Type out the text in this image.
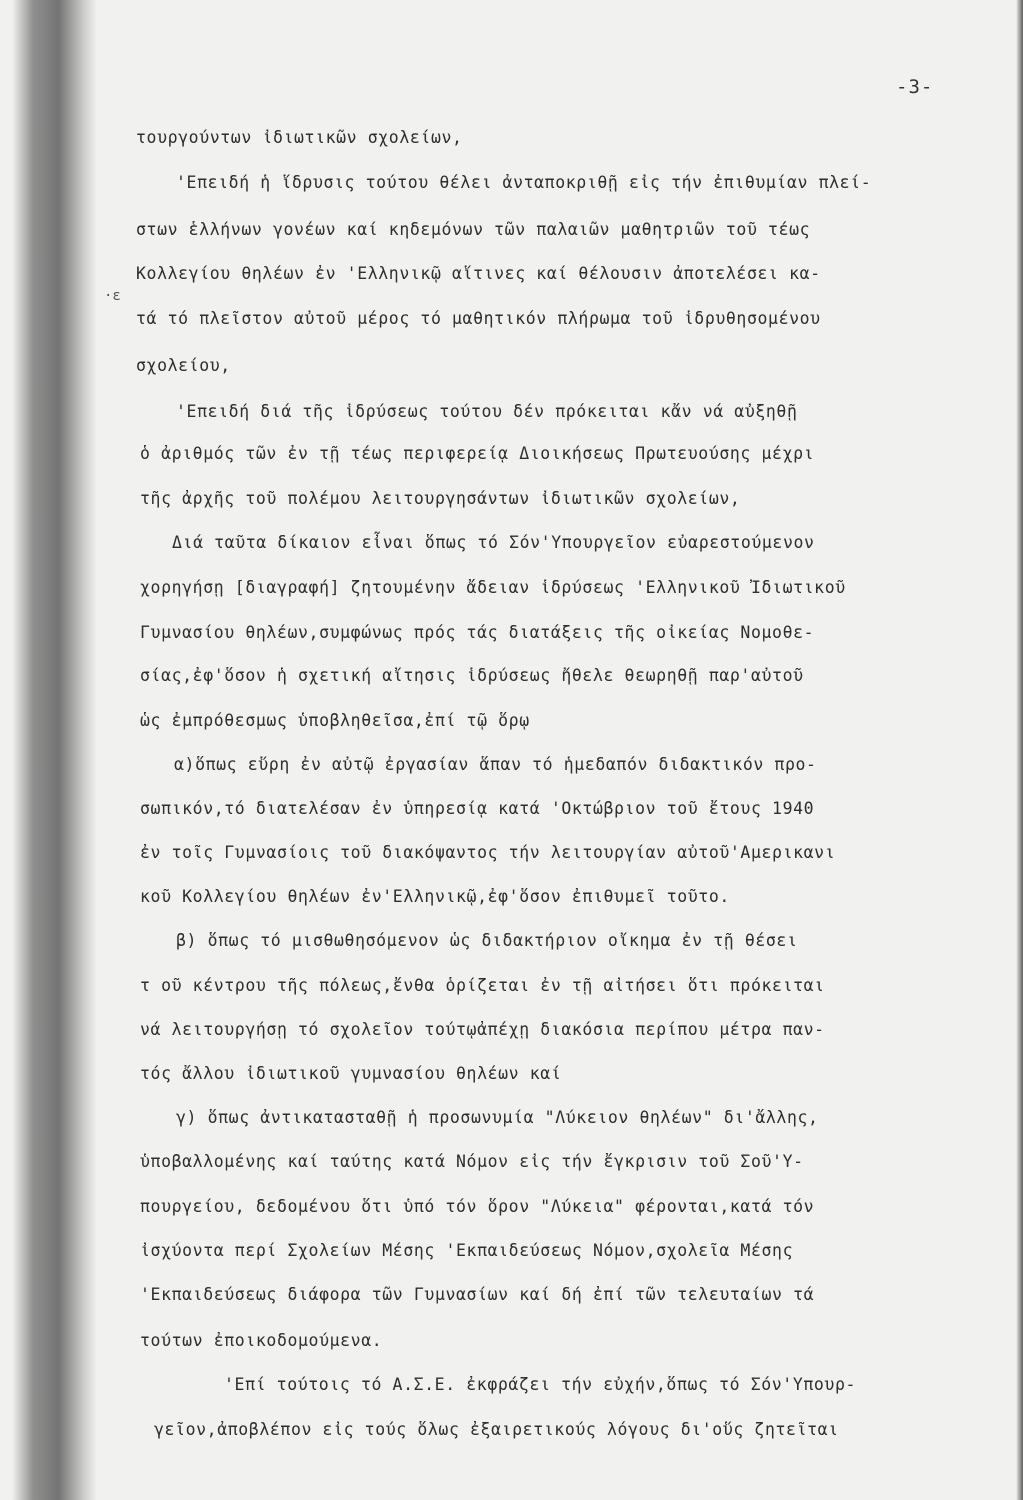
·ε
-3-
τουργούντων ἰδιωτικῶν σχολείων,
'Επειδή ἡ ἵδρυσις τούτου θέλει ἀνταποκριθῇ εἰς τήν ἐπιθυμίαν πλεί-
στων ἑλλήνων γονέων καί κηδεμόνων τῶν παλαιῶν μαθητριῶν τοῦ τέως
Κολλεγίου θηλέων ἐν 'Ελληνικῷ αἵτινες καί θέλουσιν ἀποτελέσει κα-
τά τό πλεῖστον αὐτοῦ μέρος τό μαθητικόν πλήρωμα τοῦ ἱδρυθησομένου
σχολείου,
'Επειδή διά τῆς ἱδρύσεως τούτου δέν πρόκειται κἄν νά αὐξηθῇ
ὁ ἀριθμός τῶν ἐν τῇ τέως περιφερείᾳ Διοικήσεως Πρωτευούσης μέχρι
τῆς ἀρχῆς τοῦ πολέμου λειτουργησάντων ἰδιωτικῶν σχολείων,
Διά ταῦτα δίκαιον εἶναι ὅπως τό Σόν'Υπουργεῖον εὐαρεστούμενον
χορηγήσῃ [διαγραφή] ζητουμένην ἄδειαν ἱδρύσεως 'Ελληνικοῦ Ἰδιωτικοῦ
Γυμνασίου θηλέων,συμφώνως πρός τάς διατάξεις τῆς οἰκείας Νομοθε-
σίας,ἐφ'ὅσον ἡ σχετική αἴτησις ἱδρύσεως ἤθελε θεωρηθῇ παρ'αὐτοῦ
ὡς ἐμπρόθεσμως ὑποβληθεῖσα,ἐπί τῷ ὅρῳ
α)ὅπως εὕρη ἐν αὐτῷ ἐργασίαν ἅπαν τό ἡμεδαπόν διδακτικόν προ-
σωπικόν,τό διατελέσαν ἐν ὑπηρεσίᾳ κατά 'Οκτώβριον τοῦ ἔτους 1940
ἐν τοῖς Γυμνασίοις τοῦ διακόψαντος τήν λειτουργίαν αὐτοῦ'Αμερικανι
κοῦ Κολλεγίου θηλέων ἐν'Ελληνικῷ,ἐφ'ὅσον ἐπιθυμεῖ τοῦτο.
β) ὅπως τό μισθωθησόμενον ὡς διδακτήριον οἴκημα ἐν τῇ θέσει
τ οῦ κέντρου τῆς πόλεως,ἔνθα ὁρίζεται ἐν τῇ αἰτήσει ὅτι πρόκειται
νά λειτουργήσῃ τό σχολεῖον τούτῳἀπέχῃ διακόσια περίπου μέτρα παν-
τός ἄλλου ἰδιωτικοῦ γυμνασίου θηλέων καί
γ) ὅπως ἀντικατασταθῇ ἡ προσωνυμία "Λύκειον θηλέων" δι'ἄλλης,
ὑποβαλλομένης καί ταύτης κατά Νόμον εἰς τήν ἔγκρισιν τοῦ Σοῦ'Υ-
πουργείου, δεδομένου ὅτι ὑπό τόν ὅρον "Λύκεια" φέρονται,κατά τόν
ἰσχύοντα περί Σχολείων Μέσης 'Εκπαιδεύσεως Νόμον,σχολεῖα Μέσης
'Εκπαιδεύσεως διάφορα τῶν Γυμνασίων καί δή ἐπί τῶν τελευταίων τά
τούτων ἐποικοδομούμενα.
'Επί τούτοις τό Α.Σ.Ε. ἐκφράζει τήν εὐχήν,ὅπως τό Σόν'Υπουρ-
γεῖον,ἀποβλέπον εἰς τούς ὅλως ἐξαιρετικούς λόγους δι'οὕς ζητεῖται
